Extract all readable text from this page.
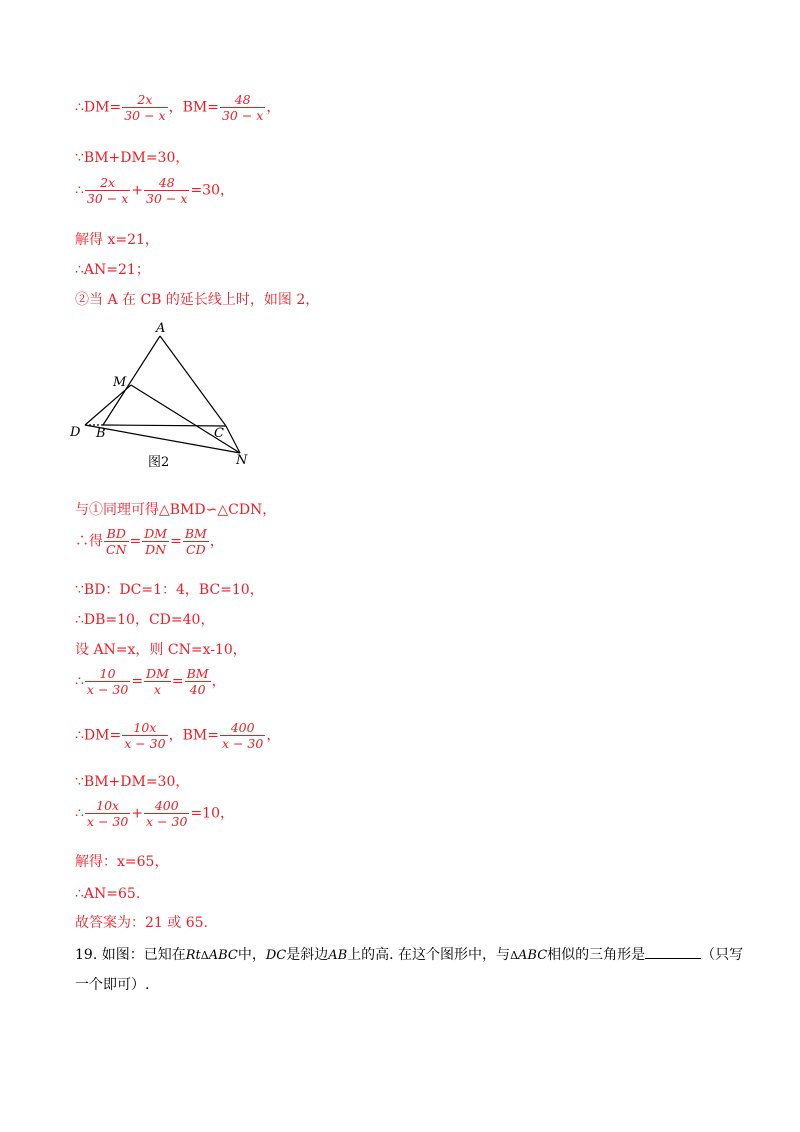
∴DM= $\frac{2x}{30 - x}$ ，$BM= \frac{48}{30 - x}$ ，
∵BM+DM=30，
∴ $\frac{2x}{30 - x} + \frac{48}{30 - x} =30$，
解得 x=21，
∴AN=21；
②当 A 在 CB 的延长线上时，如图 2，
A
M
D B	C
N
图2
与①同理可得△BMD∽△CDN，
∴得 $\frac{BD}{CN} = \frac{DM}{DN} = \frac{BM}{CD}$ ，
∵BD：DC=1：4，BC=10，
∴DB=10，CD=40，
设 AN=x，则 CN=x-10，
∴ $\frac{10}{x - 30} = \frac{DM}{x} = \frac{BM}{40}$ ，
∴DM= $\frac{10x}{x - 30}$ ，$BM= \frac{400}{x - 30}$ ，
∵BM+DM=30，
∴ $\frac{10x}{x - 30} + \frac{400}{x - 30} =10$，
解得：x=65，
∴AN=65.
故答案为：21 或 65.
19. 如图：已知在RtΔABC中，DC是斜边AB上的高. 在这个图形中，与ΔABC相似的三角形是	（只写
一个即可）.
